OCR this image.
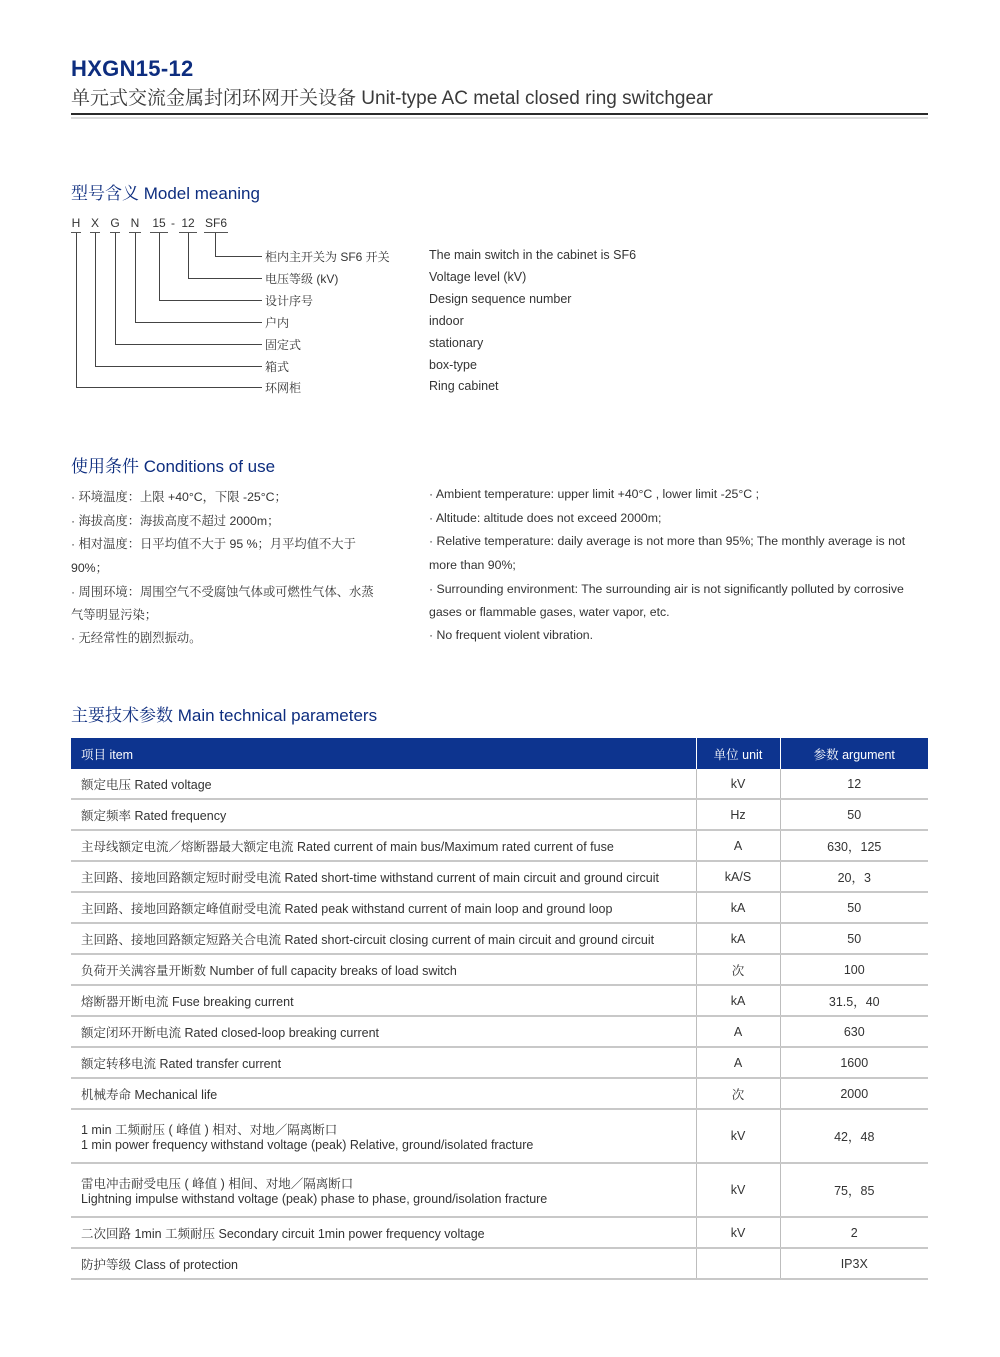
HXGN15-12
单元式交流金属封闭环网开关设备 Unit-type AC metal closed ring switchgear
型号含义 Model meaning
H X G N 15 - 12 SF6
柜内主开关为 SF6 开关
电压等级 (kV)
设计序号
户内
固定式
箱式
环网柜
The main switch in the cabinet is SF6
Voltage level (kV)
Design sequence number
indoor
stationary
box-type
Ring cabinet
使用条件 Conditions of use
· 环境温度：上限 +40°C，下限 -25°C；
· 海拔高度：海拔高度不超过 2000m；
· 相对温度：日平均值不大于 95 %；月平均值不大于
90%；
· 周围环境：周围空气不受腐蚀气体或可燃性气体、水蒸
气等明显污染；
· 无经常性的剧烈振动。
· Ambient temperature: upper limit +40°C , lower limit -25°C ;
· Altitude: altitude does not exceed 2000m;
· Relative temperature: daily average is not more than 95%; The monthly average is not
more than 90%;
· Surrounding environment: The surrounding air is not significantly polluted by corrosive
gases or flammable gases, water vapor, etc.
· No frequent violent vibration.
主要技术参数 Main technical parameters
项目 item	单位 unit	参数 argument
额定电压 Rated voltage	kV	12
额定频率 Rated frequency	Hz	50
主母线额定电流／熔断器最大额定电流 Rated current of main bus/Maximum rated current of fuse	A	630，125
主回路、接地回路额定短时耐受电流 Rated short-time withstand current of main circuit and ground circuit	kA/S	20，3
主回路、接地回路额定峰值耐受电流 Rated peak withstand current of main loop and ground loop	kA	50
主回路、接地回路额定短路关合电流 Rated short-circuit closing current of main circuit and ground circuit	kA	50
负荷开关满容量开断数 Number of full capacity breaks of load switch	次	100
熔断器开断电流 Fuse breaking current	kA	31.5，40
额定闭环开断电流 Rated closed-loop breaking current	A	630
额定转移电流 Rated transfer current	A	1600
机械寿命 Mechanical life	次	2000

1 min 工频耐压 ( 峰值 ) 相对、对地／隔离断口
1 min power frequency withstand voltage (peak) Relative, ground/isolated fracture	kV	42，48

雷电冲击耐受电压 ( 峰值 ) 相间、对地／隔离断口
Lightning impulse withstand voltage (peak) phase to phase, ground/isolation fracture	kV	75，85
二次回路 1min 工频耐压 Secondary circuit 1min power frequency voltage	kV	2
防护等级 Class of protection		IP3X
